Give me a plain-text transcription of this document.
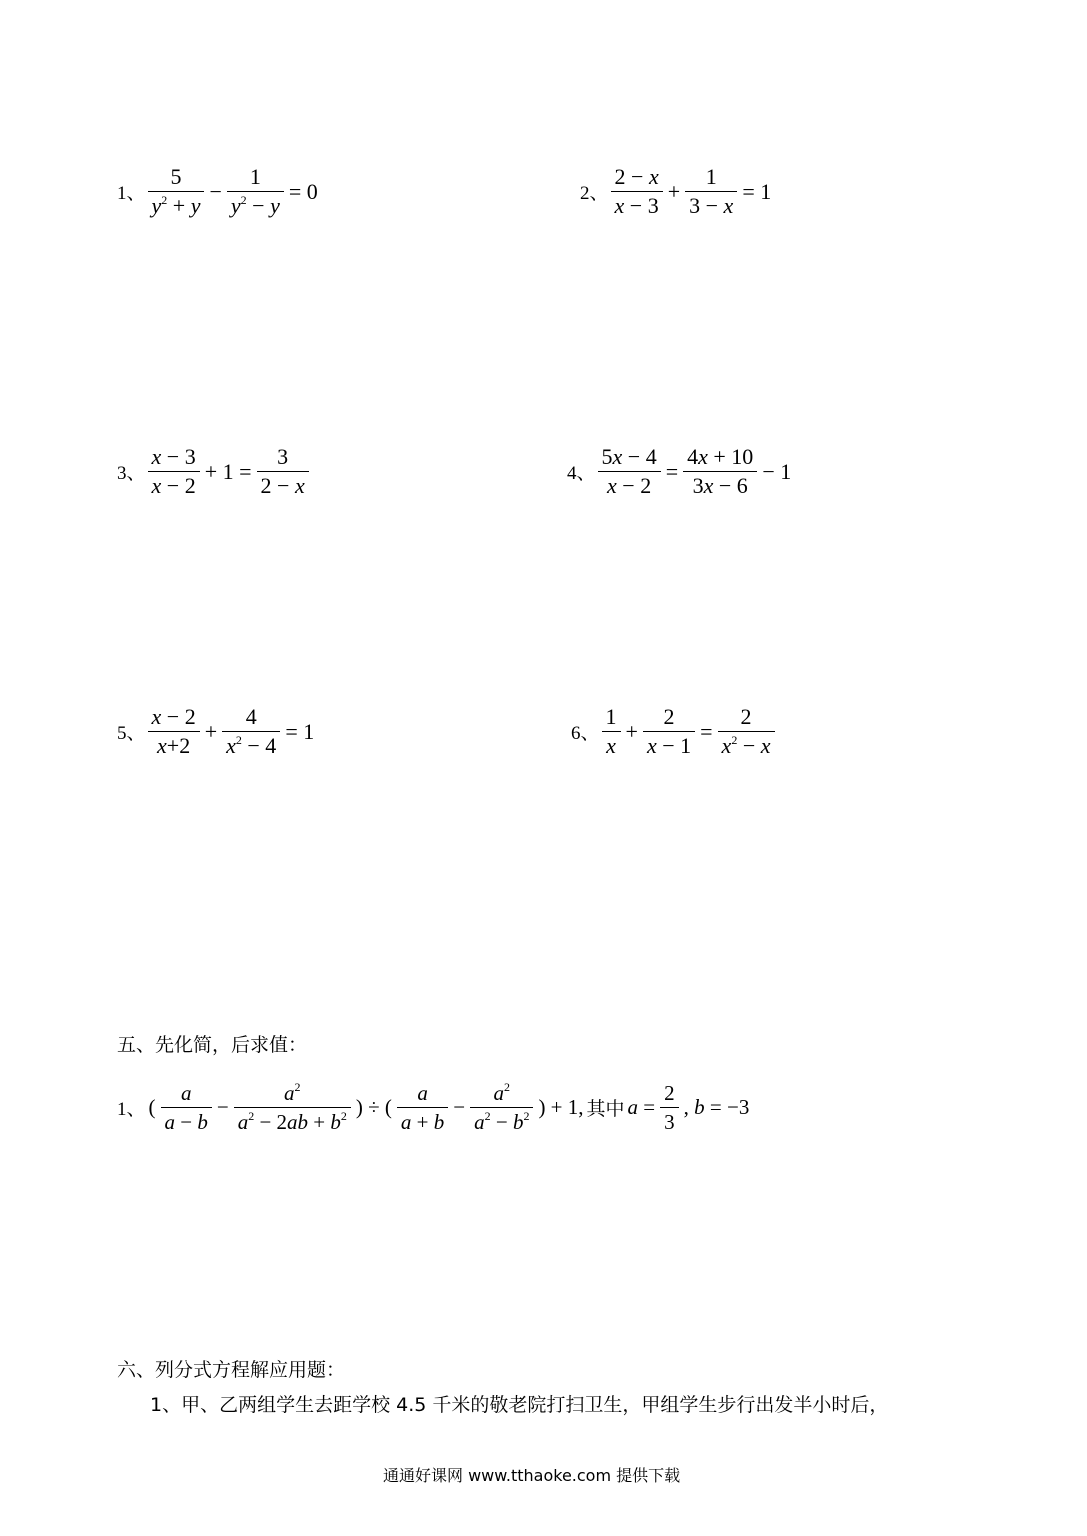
1、 $\frac{5}{y^2 + y} - \frac{1}{y^2 - y} = 0$	2、 $\frac{2 - x}{x - 3} + \frac{1}{3 - x} = 1$
3、 $\frac{x - 3}{x - 2} + 1 = \frac{3}{2 - x}$	4、 $\frac{5x - 4}{x - 2} = \frac{4x + 10}{3x - 6} - 1$
5、 $\frac{x - 2}{x+2} + \frac{4}{x^2 - 4} = 1$	6、 $\frac{1}{x} + \frac{2}{x - 1} = \frac{2}{x^2 - x}$
五、先化简，后求值：
1、 ( $\frac{a}{a - b} - \frac{a^2}{a^2 - 2ab + b^2}$ ) ÷ ( $\frac{a}{a + b} - \frac{a^2}{a^2 - b^2}$ ) + 1, 其中 $a = \frac{2}{3}$ , b = −3
六、列分式方程解应用题：
1、甲、乙两组学生去距学校 4.5 千米的敬老院打扫卫生，甲组学生步行出发半小时后，
通通好课网 www.tthaoke.com 提供下载
